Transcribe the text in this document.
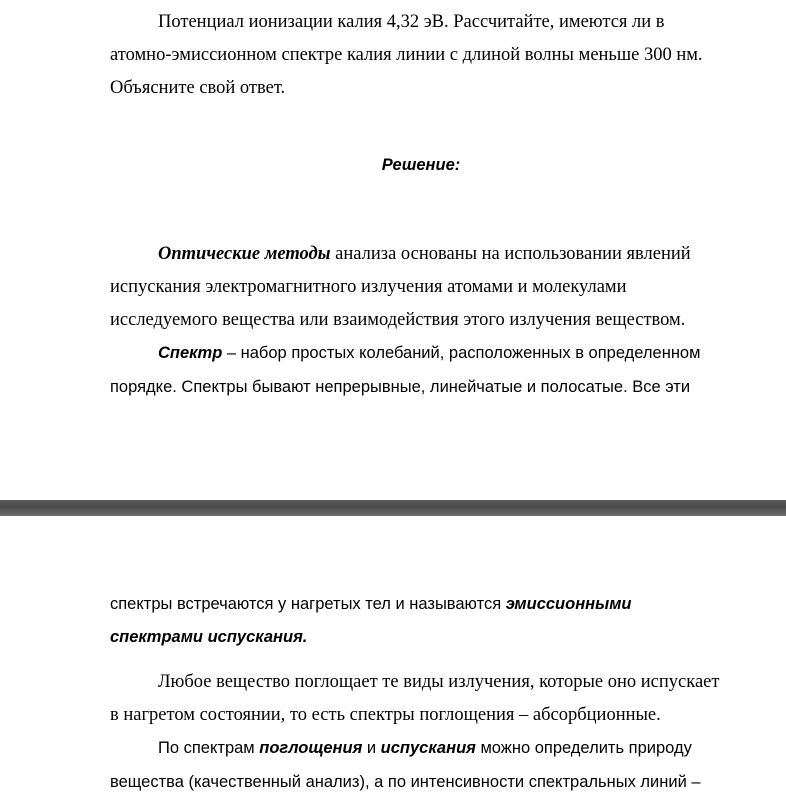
Потенциал ионизации калия 4,32 эВ. Рассчитайте, имеются ли в
атомно-эмиссионном спектре калия линии с длиной волны меньше 300 нм.
Объясните свой ответ.
Решение:
Оптические методы анализа основаны на использовании явлений
испускания электромагнитного излучения атомами и молекулами
исследуемого вещества или взаимодействия этого излучения веществом.
Спектр – набор простых колебаний, расположенных в определенном
порядке. Спектры бывают непрерывные, линейчатые и полосатые. Все эти
спектры встречаются у нагретых тел и называются эмиссионными
спектрами испускания.
Любое вещество поглощает те виды излучения, которые оно испускает
в нагретом состоянии, то есть спектры поглощения – абсорбционные.
По спектрам поглощения и испускания можно определить природу
вещества (качественный анализ), а по интенсивности спектральных линий –
